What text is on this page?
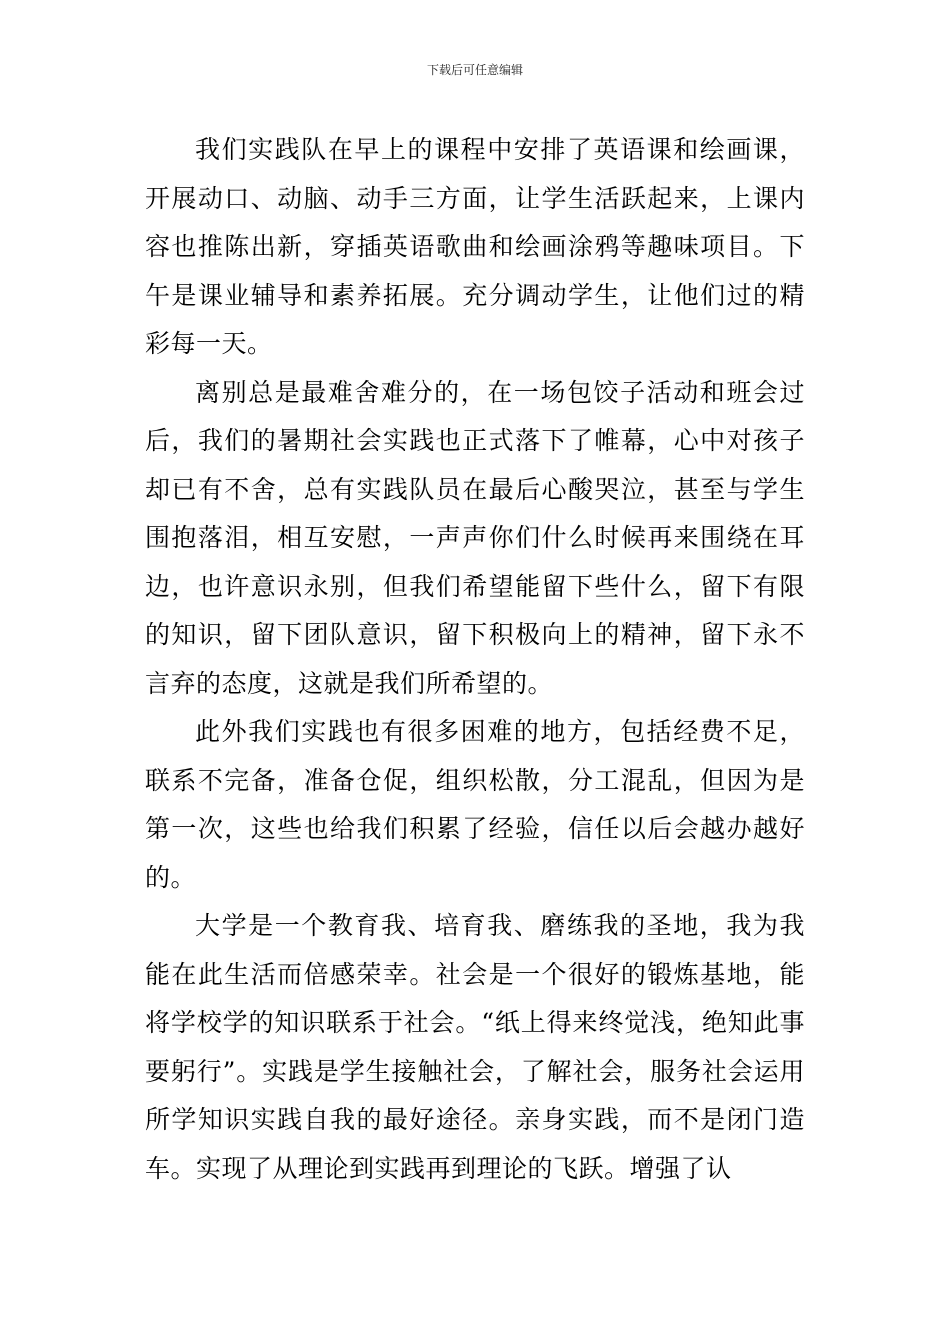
下载后可任意编辑

我们实践队在早上的课程中安排了英语课和绘画课，开展动口、动脑、动手三方面，让学生活跃起来，上课内容也推陈出新，穿插英语歌曲和绘画涂鸦等趣味项目。下午是课业辅导和素养拓展。充分调动学生，让他们过的精彩每一天。

离别总是最难舍难分的，在一场包饺子活动和班会过后，我们的暑期社会实践也正式落下了帷幕，心中对孩子却已有不舍，总有实践队员在最后心酸哭泣，甚至与学生围抱落泪，相互安慰，一声声你们什么时候再来围绕在耳边，也许意识永别，但我们希望能留下些什么，留下有限的知识，留下团队意识，留下积极向上的精神，留下永不言弃的态度，这就是我们所希望的。

此外我们实践也有很多困难的地方，包括经费不足，联系不完备，准备仓促，组织松散，分工混乱，但因为是第一次，这些也给我们积累了经验，信任以后会越办越好的。

大学是一个教育我、培育我、磨练我的圣地，我为我能在此生活而倍感荣幸。社会是一个很好的锻炼基地，能将学校学的知识联系于社会。“纸上得来终觉浅，绝知此事要躬行”。实践是学生接触社会，了解社会，服务社会运用所学知识实践自我的最好途径。亲身实践，而不是闭门造车。实现了从理论到实践再到理论的飞跃。增强了认
